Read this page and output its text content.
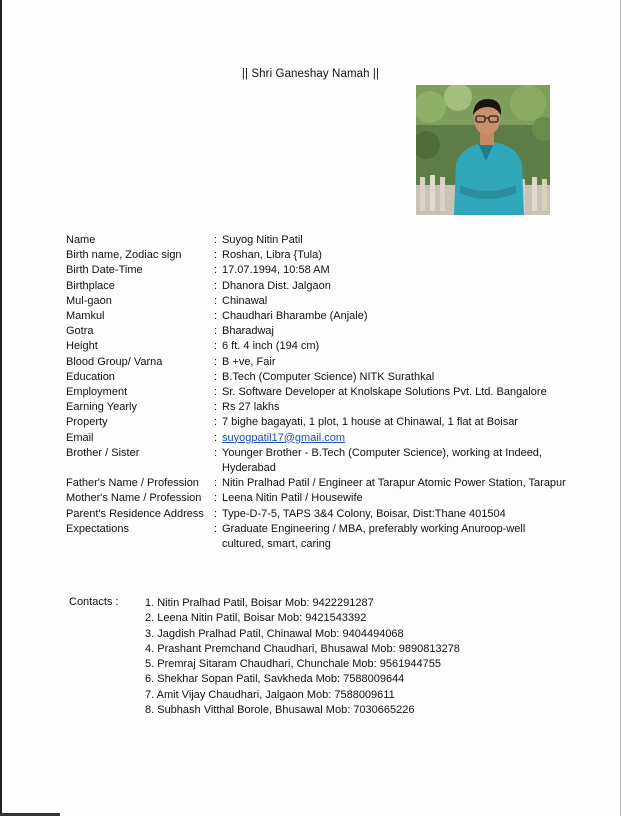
|| Shri Ganeshay Namah ||
Name	: Suyog Nitin Patil
Birth name, Zodiac sign	: Roshan, Libra {Tula)
Birth Date-Time	: 17.07.1994, 10:58 AM
Birthplace	: Dhanora Dist. Jalgaon
Mul-gaon	: Chinawal
Mamkul	: Chaudhari Bharambe (Anjale)
Gotra	: Bharadwaj
Height	: 6 ft. 4 inch (194 cm)
Blood Group/ Varna	: B +ve, Fair
Education	: B.Tech (Computer Science) NITK Surathkal
Employment	: Sr. Software Developer at Knolskape Solutions Pvt. Ltd. Bangalore
Earning Yearly	: Rs 27 lakhs
Property	: 7 bighe bagayati, 1 plot, 1 house at Chinawal, 1 flat at Boisar
Email	: suyogpatil17@gmail.com
Brother / Sister	: Younger Brother - B.Tech (Computer Science), working at Indeed, Hyderabad
Father's Name / Profession	: Nitin Pralhad Patil / Engineer at Tarapur Atomic Power Station, Tarapur
Mother's Name / Profession	: Leena Nitin Patil / Housewife
Parent's Residence Address : Type-D-7-5, TAPS 3&4 Colony, Boisar, Dist:Thane 401504
Expectations	: Graduate Engineering / MBA, preferably working Anuroop-well cultured, smart, caring
Contacts : 1. Nitin Pralhad Patil, Boisar Mob: 9422291287
2. Leena Nitin Patil, Boisar Mob: 9421543392
3. Jagdish Pralhad Patil, Chinawal Mob: 9404494068
4. Prashant Premchand Chaudhari, Bhusawal Mob: 9890813278
5. Premraj Sitaram Chaudhari, Chunchale Mob: 9561944755
6. Shekhar Sopan Patil, Savkheda Mob: 7588009644
7. Amit Vijay Chaudhari, Jalgaon Mob: 7588009611
8. Subhash Vitthal Borole, Bhusawal Mob: 7030665226
